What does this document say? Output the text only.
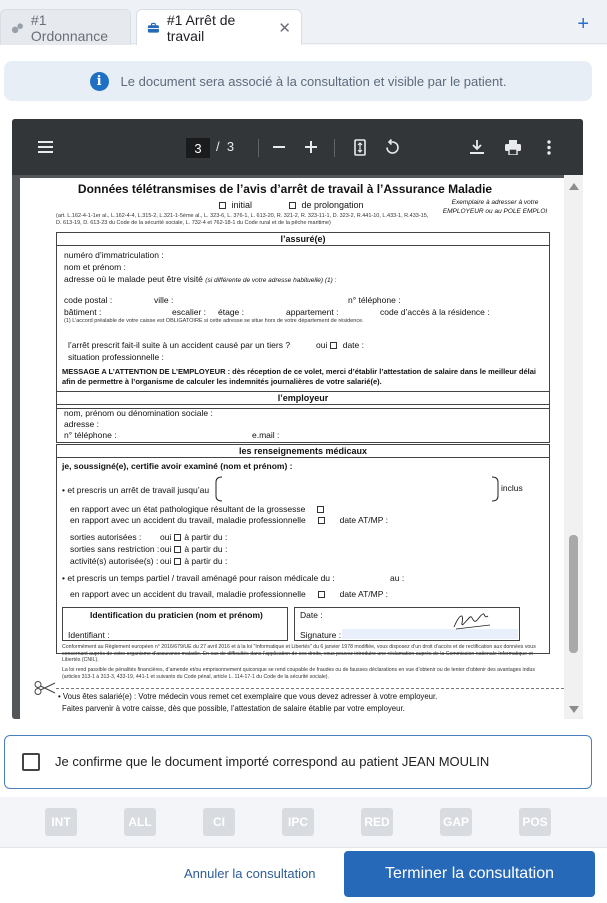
#1 Ordonnance
#1 Arrêt de travail	✕	+
i	Le document sera associé à la consultation et visible par le patient.
3	/ 3
Données télétransmises de l’avis d’arrêt de travail à l’Assurance Maladie
initial	de prolongation	Exemplaire à adresser à votre EMPLOYEUR ou au POLE EMPLOI
(art. L.162-4-1-1er al., L.162-4-4, L.315-2, L.321-1-5ème al., L. 323-6, L. 376-1, L. 613-20, R. 321-2, R. 323-11-1, D. 323-2, R.441-10, L.433-1, R.433-15, D. 613-19, D. 613-23 du Code de la sécurité sociale, L. 732-4 et 762-18-1 du Code rural et de la pêche maritime)
l’assuré(e)
numéro d’immatriculation :
nom et prénom :
adresse où le malade peut être visité (si différente de votre adresse habituelle) (1) :
code postal :	ville :	n° téléphone :
bâtiment :	escalier : étage :	appartement :	code d’accès à la résidence :
(1) L’accord préalable de votre caisse est OBLIGATOIRE si cette adresse se situe hors de votre département de résidence.
l’arrêt prescrit fait-il suite à un accident causé par un tiers ?	oui date :
situation professionnelle :
MESSAGE A L’ATTENTION DE L’EMPLOYEUR : dès réception de ce volet, merci d’établir l’attestation de salaire dans le meilleur délai afin de permettre à l’organisme de calculer les indemnités journalières de votre salarié(e).
l’employeur
nom, prénom ou dénomination sociale :
adresse :
n° téléphone :	e.mail :
les renseignements médicaux
je, soussigné(e), certifie avoir examiné (nom et prénom) :
• et prescris un arrêt de travail jusqu’au	inclus
en rapport avec un état pathologique résultant de la grossesse
en rapport avec un accident du travail, maladie professionnelle	date AT/MP :
sorties autorisées : oui à partir du :
sorties sans restriction :oui à partir du :
activité(s) autorisée(s) : oui à partir du :
• et prescris un temps partiel / travail aménagé pour raison médicale du :	au :
en rapport avec un accident du travail, maladie professionnelle	date AT/MP :
Identification du praticien (nom et prénom)
Identifiant :
Date :
Signature :
Conformément au Règlement européen n° 2016/679/UE du 27 avril 2016 et à la loi "Informatique et Libertés" du 6 janvier 1978 modifiée, vous disposez d’un droit d’accès et de rectification aux données vous concernant auprès de votre organisme d’assurance maladie. En cas de difficultés dans l’application de ces droits, vous pouvez introduire une réclamation auprès de la Commission nationale Informatique et Libertés (CNIL).
La loi rend passible de pénalités financières, d’amende et/ou emprisonnement quiconque se rend coupable de fraudes ou de fausses déclarations en vue d’obtenir ou de tenter d’obtenir des avantages indus (articles 313-1 à 313-3, 433-19, 441-1 et suivants du Code pénal, article L. 114-17-1 du Code de la sécurité sociale).
• Vous êtes salarié(e) : Votre médecin vous remet cet exemplaire que vous devez adresser à votre employeur.
Faites parvenir à votre caisse, dès que possible, l’attestation de salaire établie par votre employeur.
Je confirme que le document importé correspond au patient JEAN MOULIN
INT	ALL	CI	IPC	RED	GAP	POS
Annuler la consultation	Terminer la consultation
